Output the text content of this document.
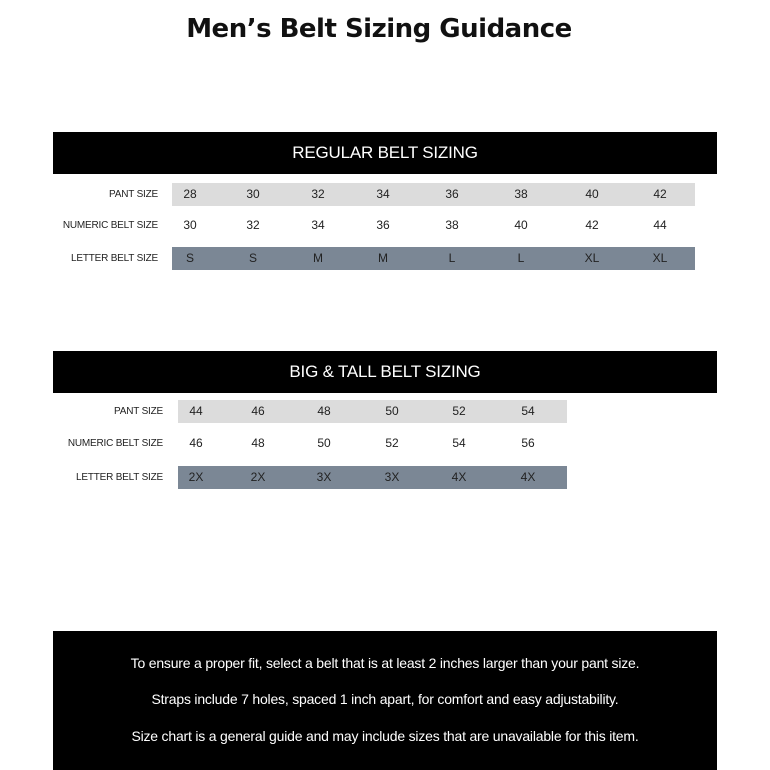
Men’s Belt Sizing Guidance
REGULAR BELT SIZING
PANT SIZE	28	30	32	34	36	38	40	42
NUMERIC BELT SIZE	30	32	34	36	38	40	42	44
LETTER BELT SIZE	S	S	M	M	L	L	XL	XL
BIG & TALL BELT SIZING
PANT SIZE	44	46	48	50	52	54
NUMERIC BELT SIZE	46	48	50	52	54	56
LETTER BELT SIZE	2X	2X	3X	3X	4X	4X
To ensure a proper fit, select a belt that is at least 2 inches larger than your pant size.
Straps include 7 holes, spaced 1 inch apart, for comfort and easy adjustability.
Size chart is a general guide and may include sizes that are unavailable for this item.
